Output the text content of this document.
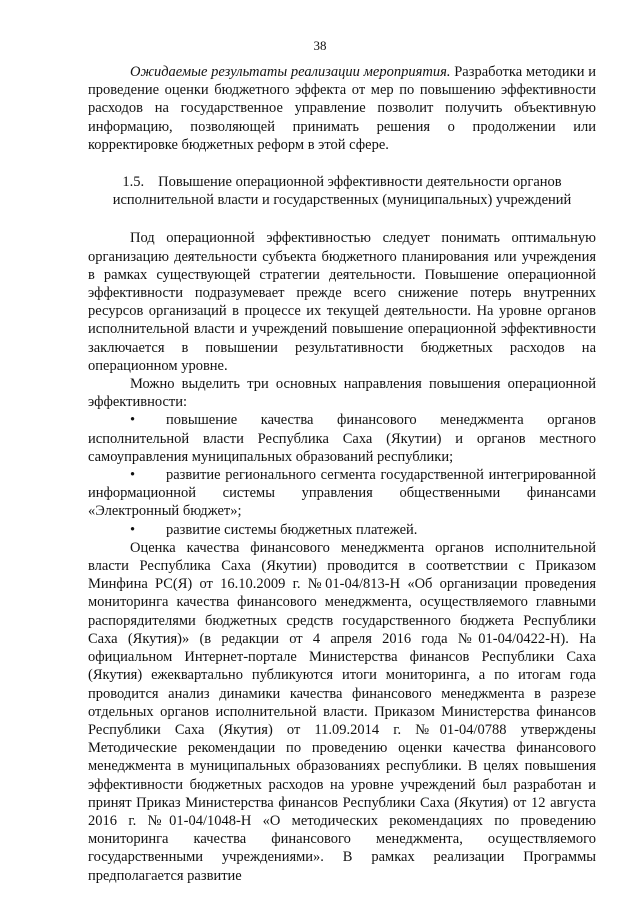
38

Ожидаемые результаты реализации мероприятия. Разработка методики и проведение оценки бюджетного эффекта от мер по повышению эффективности расходов на государственное управление позволит получить объективную информацию, позволяющей принимать решения о продолжении или корректировке бюджетных реформ в этой сфере.

1.5. Повышение операционной эффективности деятельности органов исполнительной власти и государственных (муниципальных) учреждений

Под операционной эффективностью следует понимать оптимальную организацию деятельности субъекта бюджетного планирования или учреждения в рамках существующей стратегии деятельности. Повышение операционной эффективности подразумевает прежде всего снижение потерь внутренних ресурсов организаций в процессе их текущей деятельности. На уровне органов исполнительной власти и учреждений повышение операционной эффективности заключается в повышении результативности бюджетных расходов на операционном уровне.

Можно выделить три основных направления повышения операционной эффективности:

• повышение качества финансового менеджмента органов исполнительной власти Республика Саха (Якутии) и органов местного самоуправления муниципальных образований республики;
• развитие регионального сегмента государственной интегрированной информационной системы управления общественными финансами «Электронный бюджет»;
• развитие системы бюджетных платежей.

Оценка качества финансового менеджмента органов исполнительной власти Республика Саха (Якутии) проводится в соответствии с Приказом Минфина РС(Я) от 16.10.2009 г. №01-04/813-Н «Об организации проведения мониторинга качества финансового менеджмента, осуществляемого главными распорядителями бюджетных средств государственного бюджета Республики Саха (Якутия)» (в редакции от 4 апреля 2016 года №01-04/0422-Н). На официальном Интернет-портале Министерства финансов Республики Саха (Якутия) ежеквартально публикуются итоги мониторинга, а по итогам года проводится анализ динамики качества финансового менеджмента в разрезе отдельных органов исполнительной власти. Приказом Министерства финансов Республики Саха (Якутия) от 11.09.2014 г. №01-04/0788 утверждены Методические рекомендации по проведению оценки качества финансового менеджмента в муниципальных образованиях республики. В целях повышения эффективности бюджетных расходов на уровне учреждений был разработан и принят Приказ Министерства финансов Республики Саха (Якутия) от 12 августа 2016 г. №01-04/1048-Н «О методических рекомендациях по проведению мониторинга качества финансового менеджмента, осуществляемого государственными учреждениями». В рамках реализации Программы предполагается развитие
